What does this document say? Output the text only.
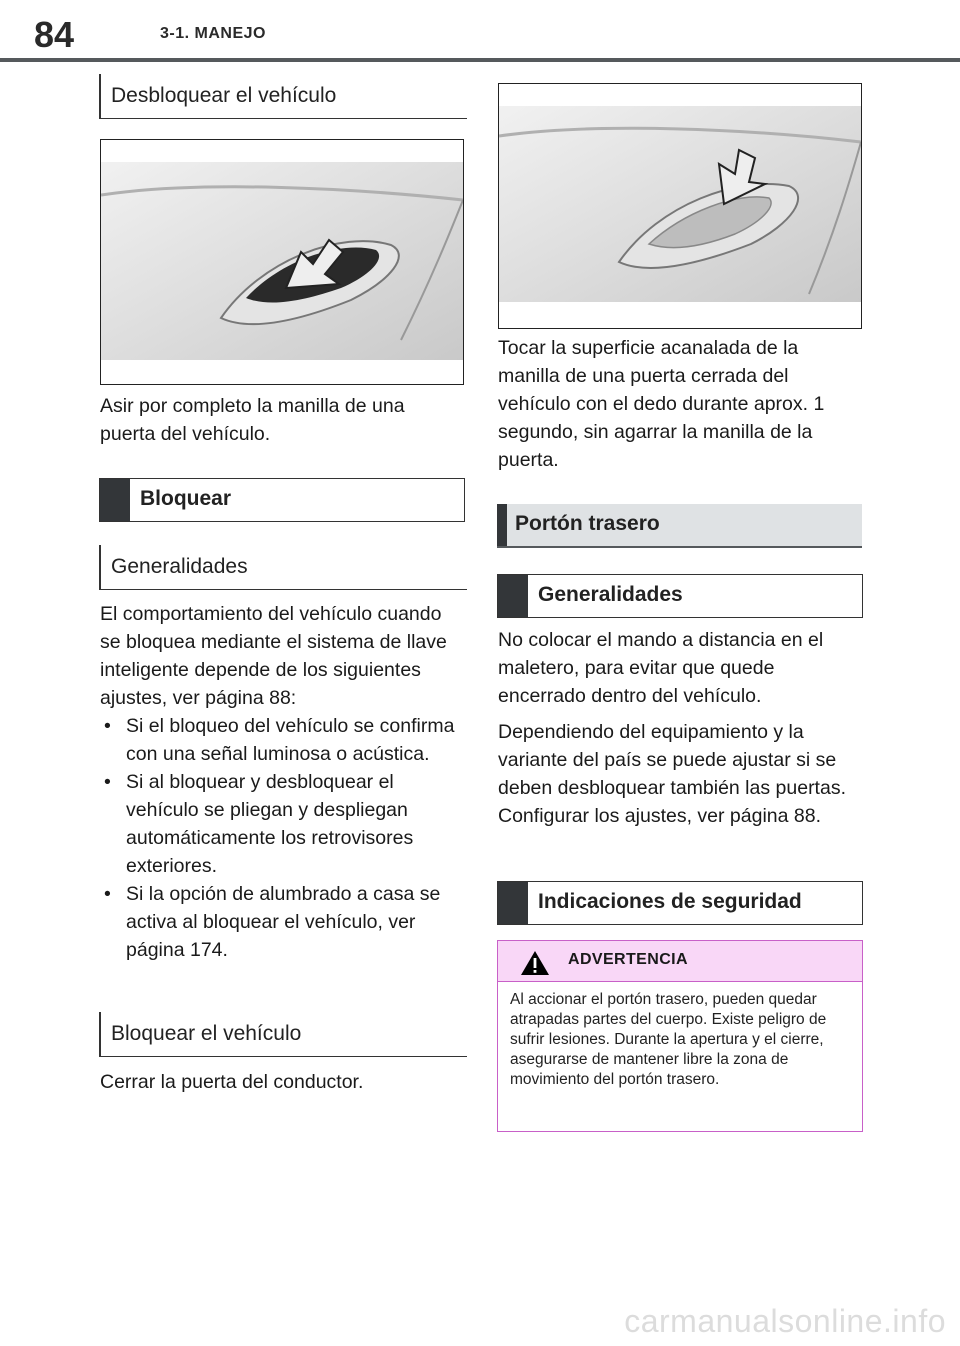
84	3-1. MANEJO
Desbloquear el vehículo

Asir por completo la manilla de una puerta del vehículo.

Bloquear
Generalidades

El comportamiento del vehículo cuando se bloquea mediante el sistema de llave inteligente depende de los siguientes ajustes, ver página 88:

• Si el bloqueo del vehículo se confirma con una señal luminosa o acústica.
• Si al bloquear y desbloquear el vehículo se pliegan y despliegan automáticamente los retrovisores exteriores.
• Si la opción de alumbrado a casa se activa al bloquear el vehículo, ver página 174.
Bloquear el vehículo

Cerrar la puerta del conductor.

Tocar la superficie acanalada de la manilla de una puerta cerrada del vehículo con el dedo durante aprox. 1 segundo, sin agarrar la manilla de la puerta.

Portón trasero
Generalidades

No colocar el mando a distancia en el maletero, para evitar que quede encerrado dentro del vehículo.

Dependiendo del equipamiento y la variante del país se puede ajustar si se deben desbloquear también las puertas. Configurar los ajustes, ver página 88.

Indicaciones de seguridad
ADVERTENCIA
Al accionar el portón trasero, pueden quedar atrapadas partes del cuerpo. Existe peligro de sufrir lesiones. Durante la apertura y el cierre, asegurarse de mantener libre la zona de movimiento del portón trasero.
carmanualsonline.info
